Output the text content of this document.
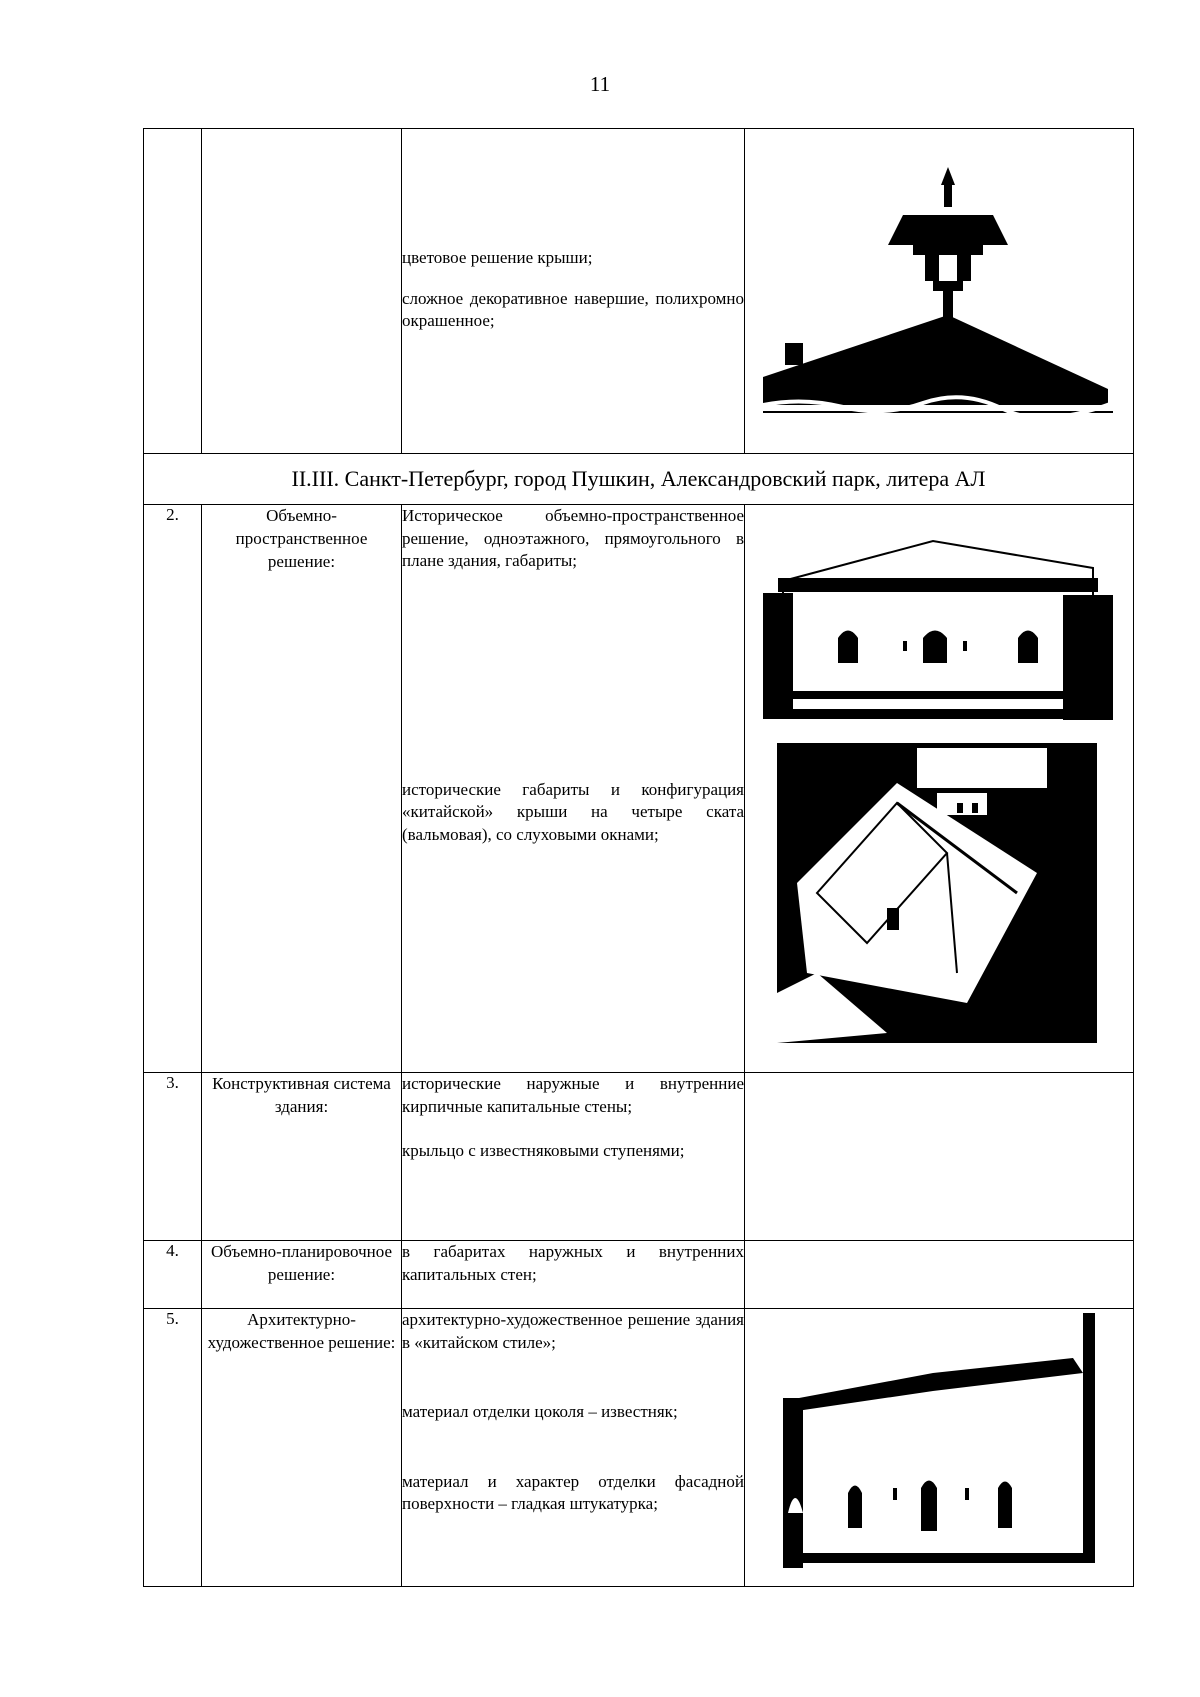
11

		цветовое решение крыши;

сложное декоративное навершие, полихромно окрашенное;

II.III. Санкт-Петербург, город Пушкин, Александровский парк, литера АЛ			
2.	Объемно-пространственное решение:	Историческое объемно-пространственное решение, одноэтажного, прямоугольного в плане здания, габариты;

исторические габариты и конфигурация «китайской» крыши на четыре ската (вальмовая), со слуховыми окнами;

3.	Конструктивная система здания:	исторические наружные и внутренние кирпичные капитальные стены;

крыльцо с известняковыми ступенями;	

4.	Объемно-планировочное решение:	в габаритах наружных и внутренних капитальных стен;	

5.	Архитектурно-художественное решение:	архитектурно-художественное решение здания в «китайском стиле»;

материал отделки цоколя – известняк;

материал и характер отделки фасадной поверхности – гладкая штукатурка;
